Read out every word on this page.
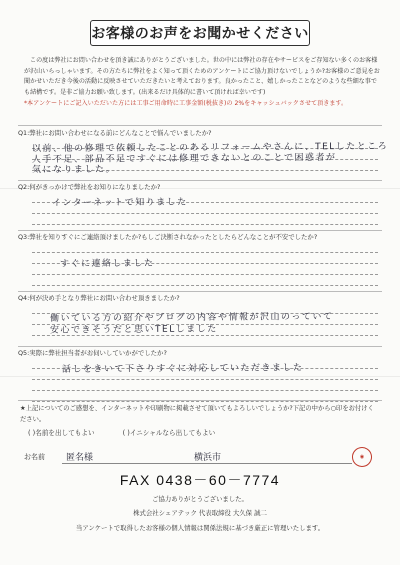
お客様のお声をお聞かせください

この度は弊社にお問い合わせを頂き誠にありがとうございました。世の中には弊社の存在やサービスをご存知ない多くのお客様が沢山いらっしゃいます。その方たちに弊社をよく知って頂くためのアンケートにご協力頂けないでしょうか?お客様のご意見をお聞かせいただき今後の活動に反映させていただきたいと考えております。良かったこと、嬉しかったことなどのような些細な事でも結構です。是非ご協力お願い致します。(出来るだけ具体的に書いて頂ければ幸いです)

*本アンケートにご記入いただいた方には工事ご用命時に工事金額(税抜き)の 2%をキャッシュバックさせて頂きます。

Q1:弊社にお問い合わせになる前にどんなことで悩んでいましたか?
以前、他の修理で依頼したことのあるリフォームやさんに、TELしたところ
人手不足、部品不足ですぐには修理できないとのことで困惑者が
気になりました。
Q2:何がきっかけで弊社をお知りになりましたか?
インターネットで知りました
Q3:弊社を知りすぐにご連絡頂けましたか?もしご決断されなかったとしたらどんなことが不安でしたか?
すぐに連絡しました
Q4:何が決め手となり弊社にお問い合わせ頂きましたか?
働いている方の紹介やブログの内容や情報が沢山のっていて
安心できそうだと思いTELしました
Q5:実際に弊社担当者がお伺いしていかがでしたか?
話しをきいて下さりすぐに対応していただきました
★上記についてのご感想を、インターネットや印刷物に掲載させて頂いてもよろしいでしょうか?下記の中から○印をお付けください。
( )名前を出してもよい	( )イニシャルなら出してもよい
お名前	匿名様	横浜市	◉
FAX 0438－60－7774
ご協力ありがとうございました。
株式会社シェアテック 代表取締役 大久保 誠二
当アンケートで取得したお客様の個人情報は関係法規に基づき厳正に管理いたします。
